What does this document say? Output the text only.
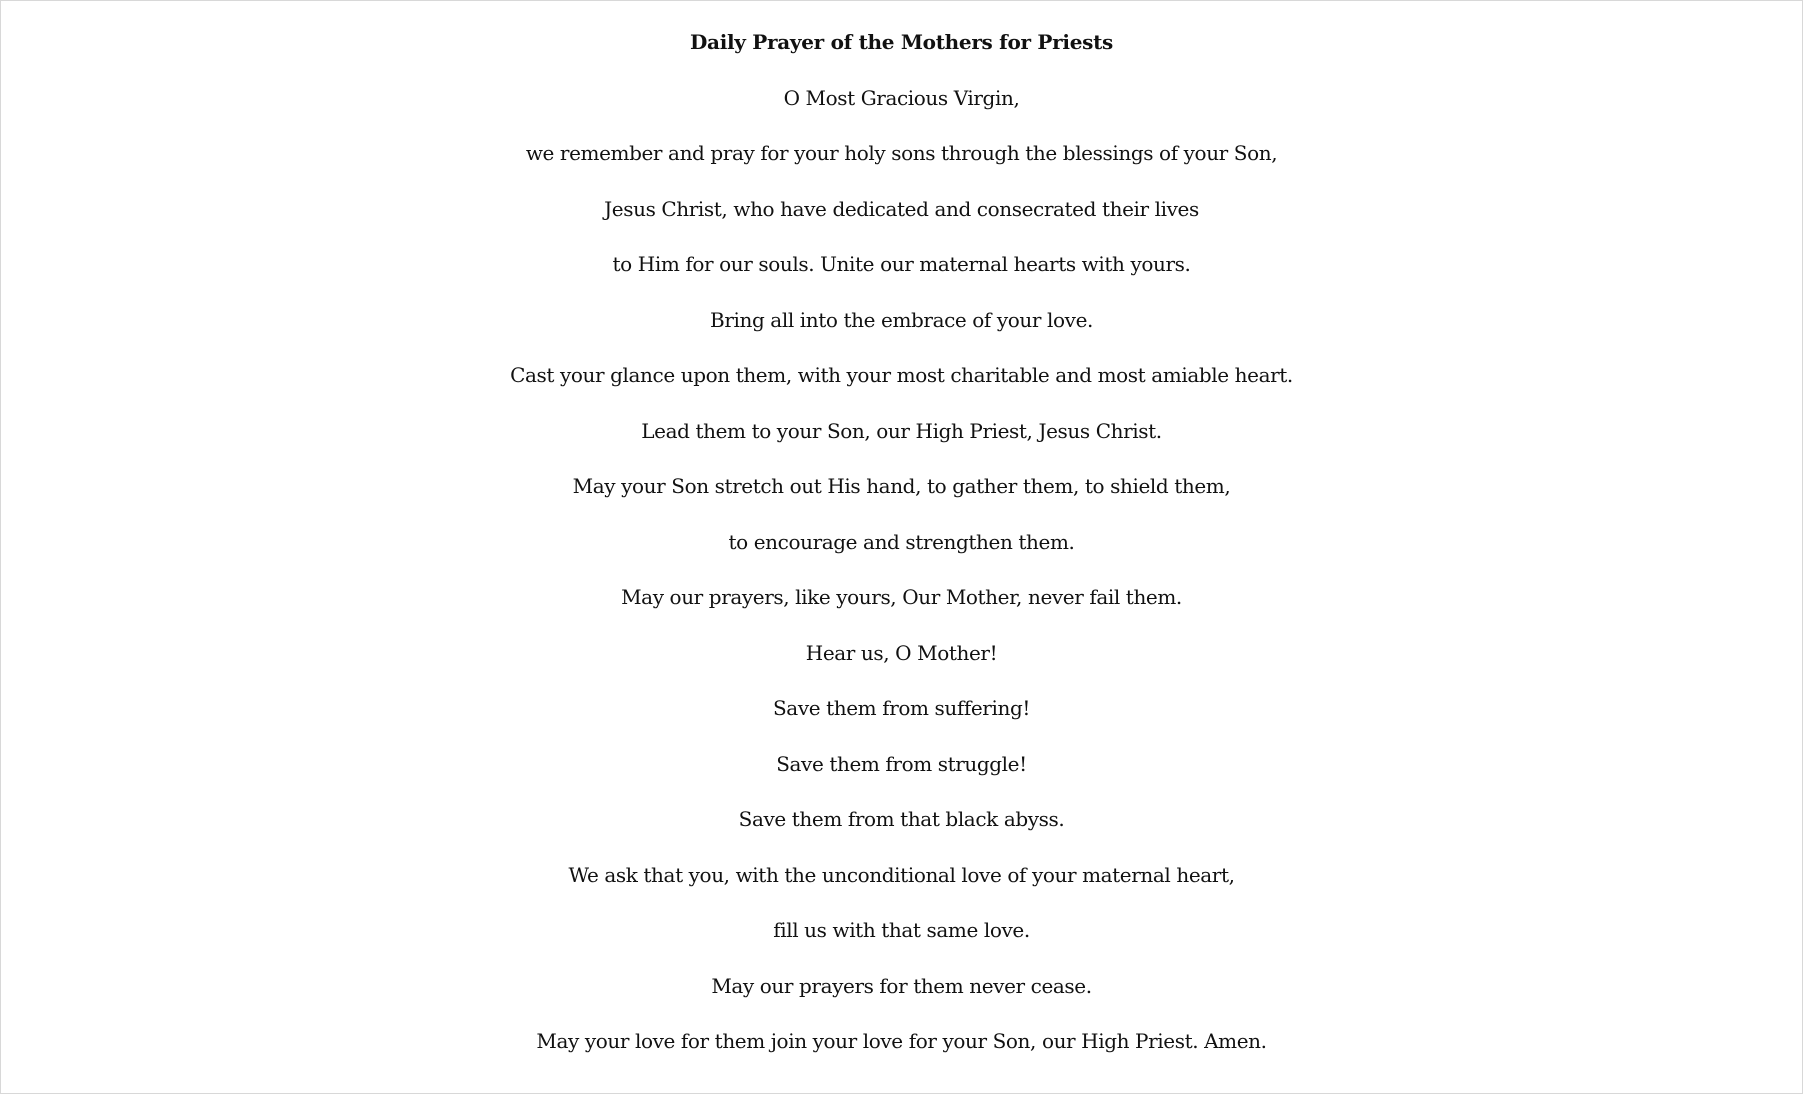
Daily Prayer of the Mothers for Priests
O Most Gracious Virgin,
we remember and pray for your holy sons through the blessings of your Son,
Jesus Christ, who have dedicated and consecrated their lives
to Him for our souls. Unite our maternal hearts with yours.
Bring all into the embrace of your love.
Cast your glance upon them, with your most charitable and most amiable heart.
Lead them to your Son, our High Priest, Jesus Christ.
May your Son stretch out His hand, to gather them, to shield them,
to encourage and strengthen them.
May our prayers, like yours, Our Mother, never fail them.
Hear us, O Mother!
Save them from suffering!
Save them from struggle!
Save them from that black abyss.
We ask that you, with the unconditional love of your maternal heart,
fill us with that same love.
May our prayers for them never cease.
May your love for them join your love for your Son, our High Priest. Amen.
